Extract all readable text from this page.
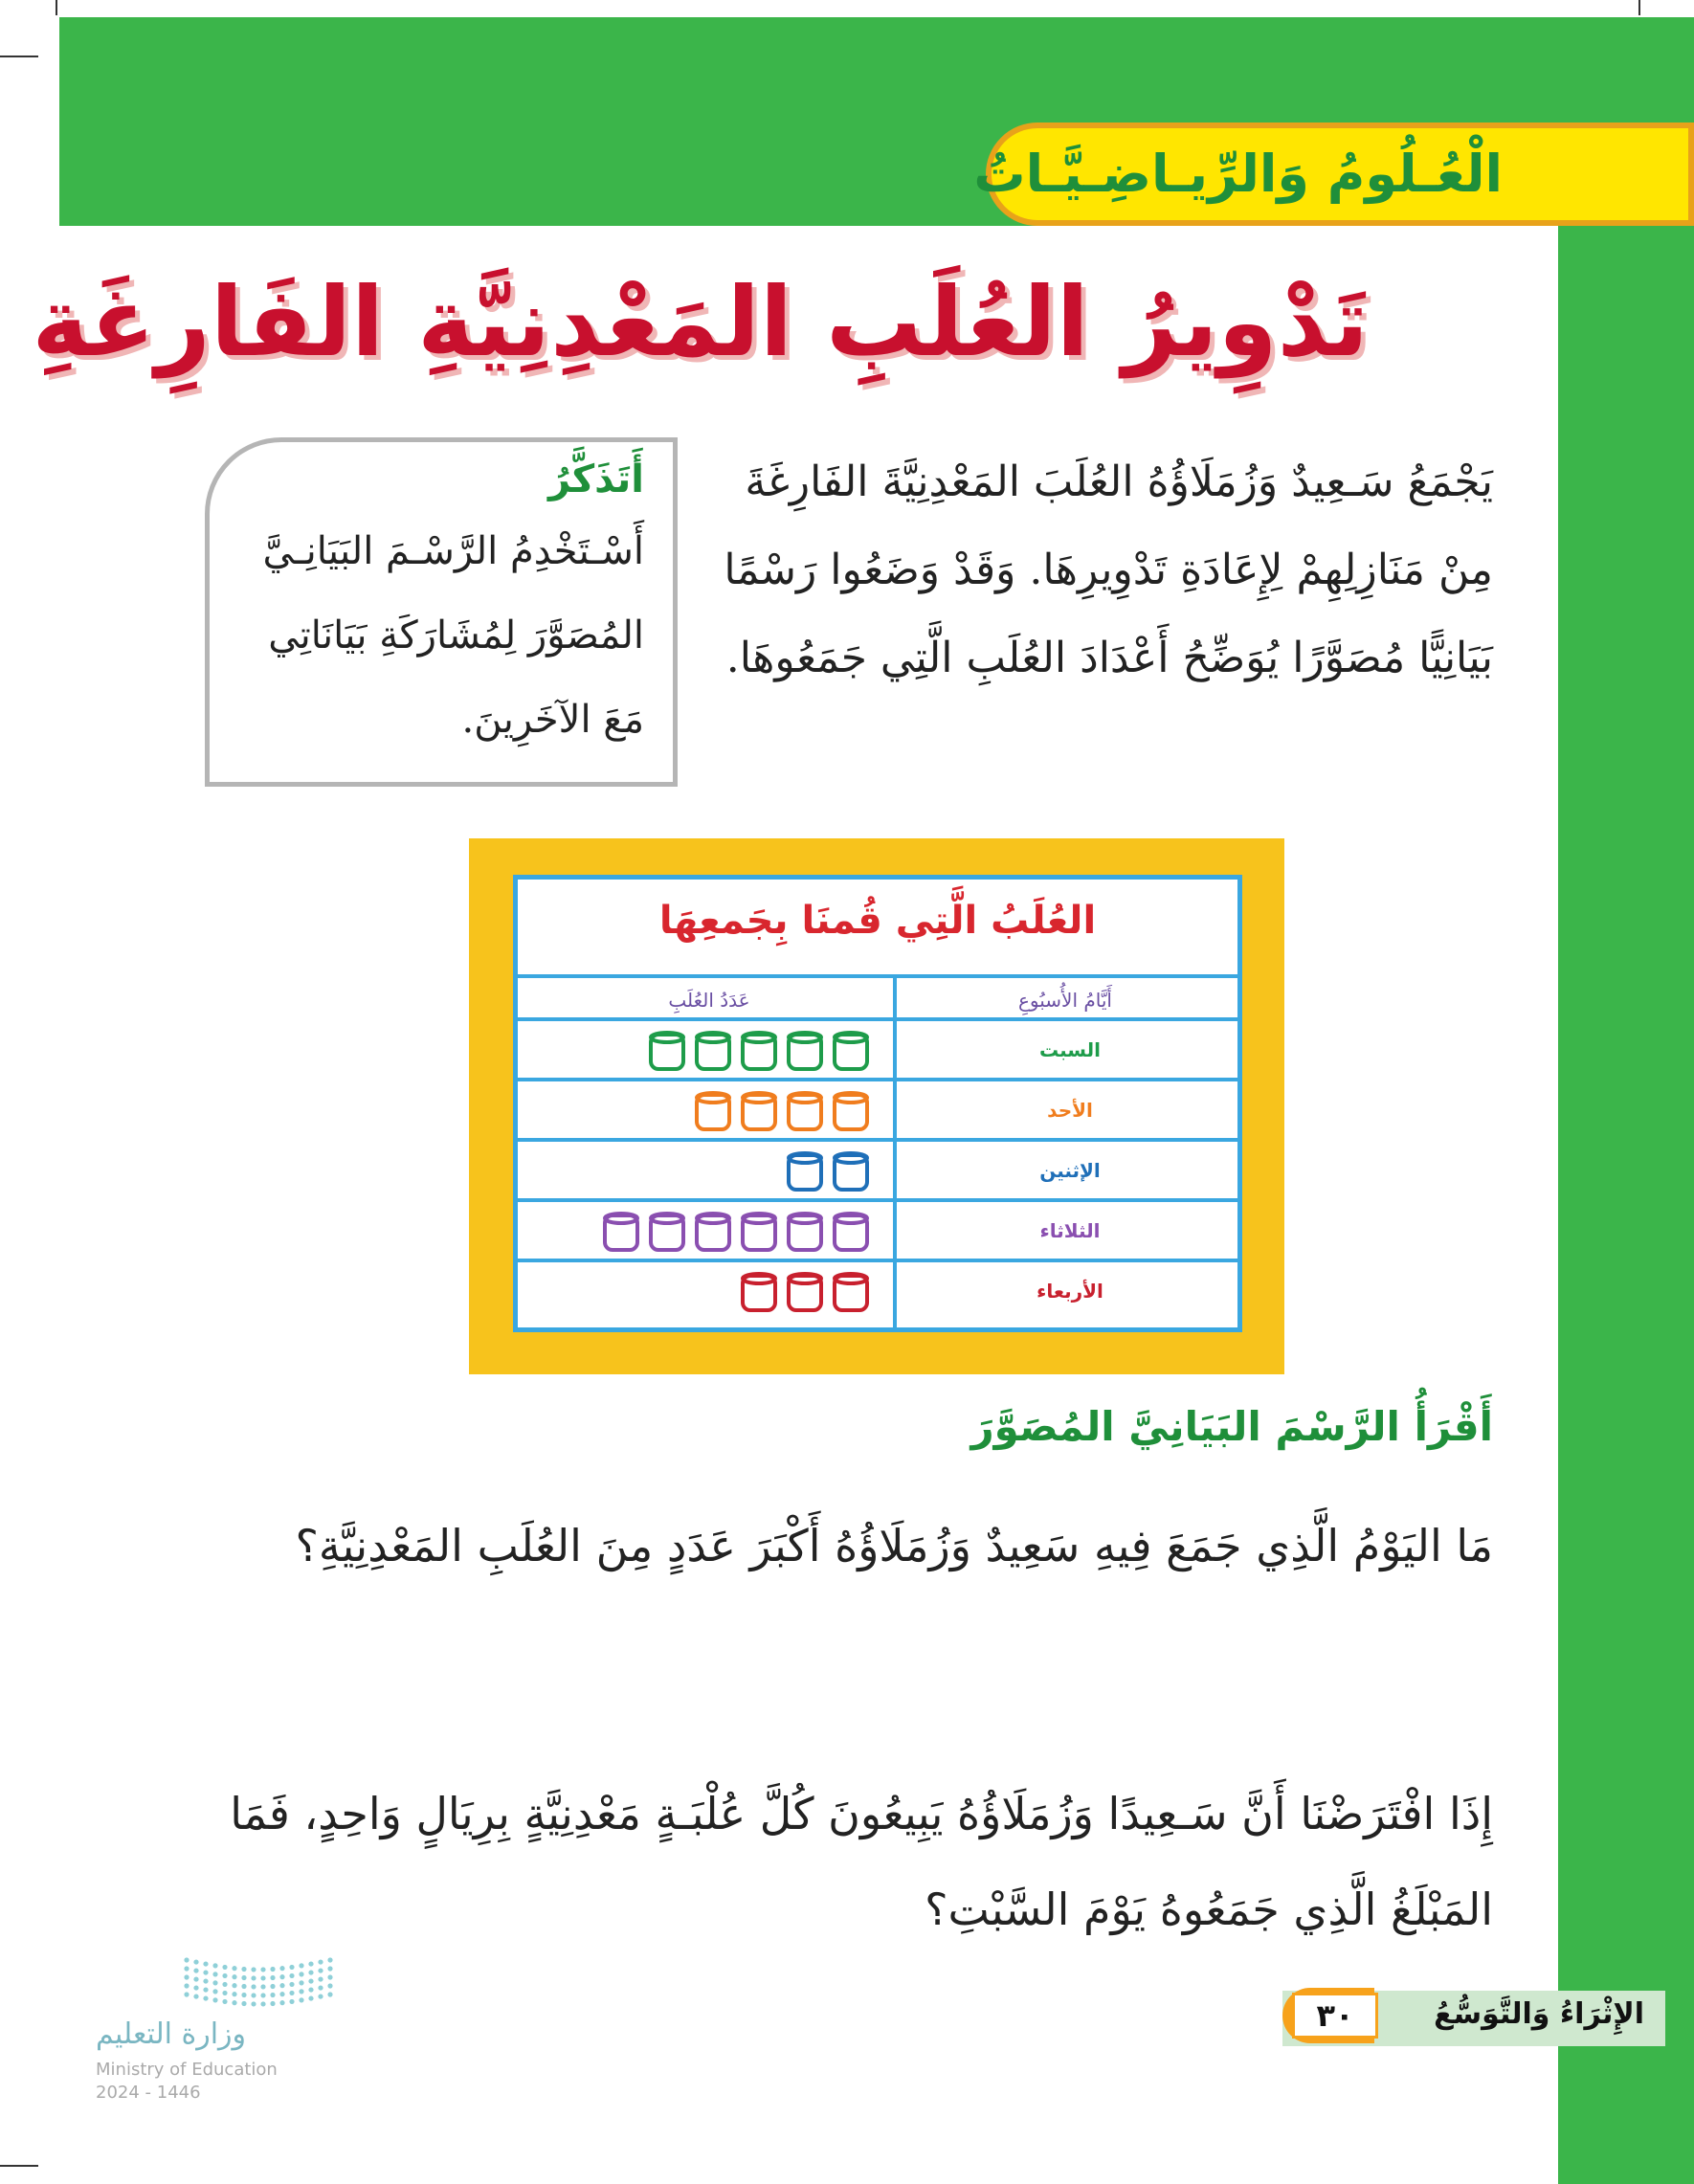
الْعُـلُومُ وَالرِّيـاضِـيَّـاتُ
تَدْوِيرُ العُلَبِ المَعْدِنِيَّةِ الفَارِغَةِ
يَجْمَعُ سَـعِيدٌ وَزُمَلَاؤُهُ العُلَبَ المَعْدِنِيَّةَ الفَارِغَةَ مِنْ مَنَازِلِهِمْ لِإِعَادَةِ تَدْوِيرِهَا. وَقَدْ وَضَعُوا رَسْمًا بَيَانِيًّا مُصَوَّرًا يُوَضِّحُ أَعْدَادَ العُلَبِ الَّتِي جَمَعُوهَا.
أَتَذَكَّرُ
أَسْـتَخْدِمُ الرَّسْـمَ البَيَانِـيَّ المُصَوَّرَ لِمُشَارَكَةِ بَيَانَاتِي مَعَ الآخَرِينَ.
العُلَبُ الَّتِي قُمنَا بِجَمعِهَا
أَيَّامُ الأُسبُوعِ
عَدَدُ العُلَبِ
السبت
الأحد
الإثنين
الثلاثاء
الأربعاء
أَقْرَأُ الرَّسْمَ البَيَانِيَّ المُصَوَّرَ
مَا اليَوْمُ الَّذِي جَمَعَ فِيهِ سَعِيدٌ وَزُمَلَاؤُهُ أَكْبَرَ عَدَدٍ مِنَ العُلَبِ المَعْدِنِيَّةِ؟
إِذَا افْتَرَضْنَا أَنَّ سَـعِيدًا وَزُمَلَاؤُهُ يَبِيعُونَ كُلَّ عُلْبَـةٍ مَعْدِنِيَّةٍ بِرِيَالٍ وَاحِدٍ، فَمَا المَبْلَغُ الَّذِي جَمَعُوهُ يَوْمَ السَّبْتِ؟
الإِثْرَاءُ وَالتَّوَسُّعُ
٣٠
وزارة التعليم
Ministry of Education
2024 - 1446
